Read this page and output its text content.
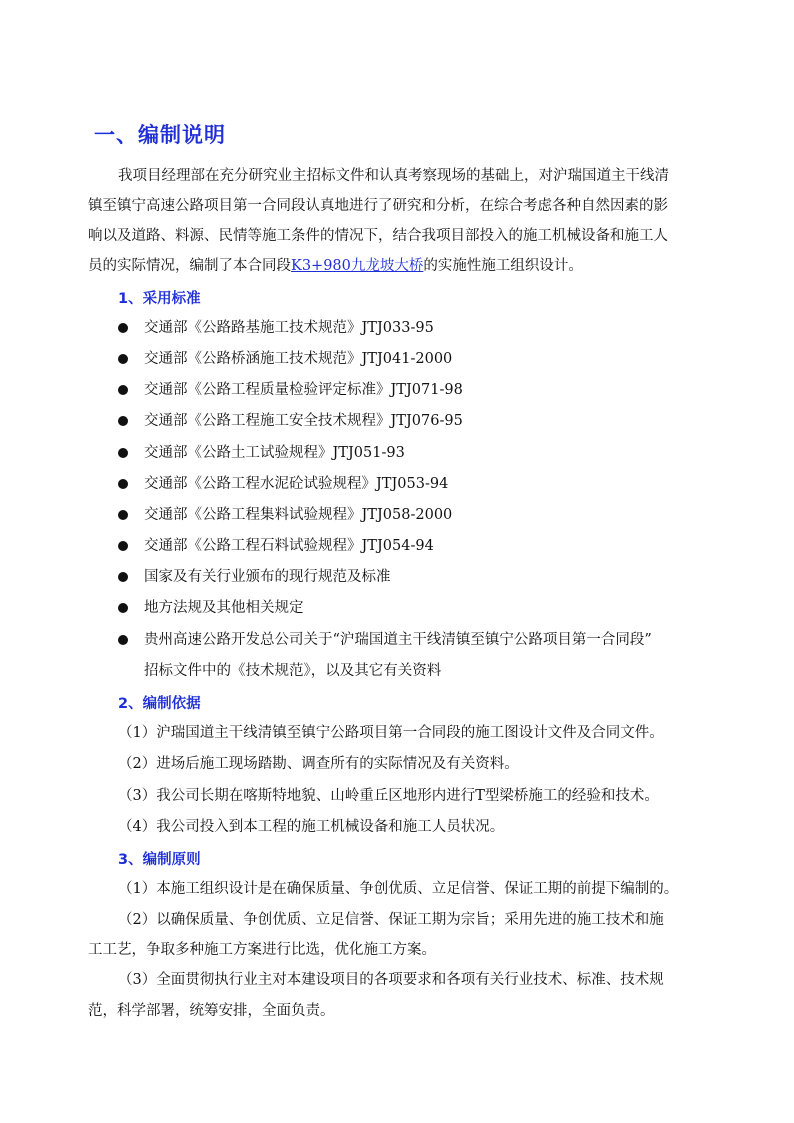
一、编制说明
我项目经理部在充分研究业主招标文件和认真考察现场的基础上，对沪瑞国道主干线清
镇至镇宁高速公路项目第一合同段认真地进行了研究和分析，在综合考虑各种自然因素的影
响以及道路、料源、民情等施工条件的情况下，结合我项目部投入的施工机械设备和施工人
员的实际情况，编制了本合同段K3+980九龙坡大桥的实施性施工组织设计。
1、采用标准
交通部《公路路基施工技术规范》JTJ033-95
交通部《公路桥涵施工技术规范》JTJ041-2000
交通部《公路工程质量检验评定标准》JTJ071-98
交通部《公路工程施工安全技术规程》JTJ076-95
交通部《公路土工试验规程》JTJ051-93
交通部《公路工程水泥砼试验规程》JTJ053-94
交通部《公路工程集料试验规程》JTJ058-2000
交通部《公路工程石料试验规程》JTJ054-94
国家及有关行业颁布的现行规范及标准
地方法规及其他相关规定
贵州高速公路开发总公司关于“沪瑞国道主干线清镇至镇宁公路项目第一合同段”
招标文件中的《技术规范》，以及其它有关资料
2、编制依据
（1）沪瑞国道主干线清镇至镇宁公路项目第一合同段的施工图设计文件及合同文件。
（2）进场后施工现场踏勘、调查所有的实际情况及有关资料。
（3）我公司长期在喀斯特地貌、山岭重丘区地形内进行T型梁桥施工的经验和技术。
（4）我公司投入到本工程的施工机械设备和施工人员状况。
3、编制原则
（1）本施工组织设计是在确保质量、争创优质、立足信誉、保证工期的前提下编制的。
（2）以确保质量、争创优质、立足信誉、保证工期为宗旨；采用先进的施工技术和施
工工艺，争取多种施工方案进行比选，优化施工方案。
（3）全面贯彻执行业主对本建设项目的各项要求和各项有关行业技术、标准、技术规
范，科学部署，统筹安排，全面负责。
